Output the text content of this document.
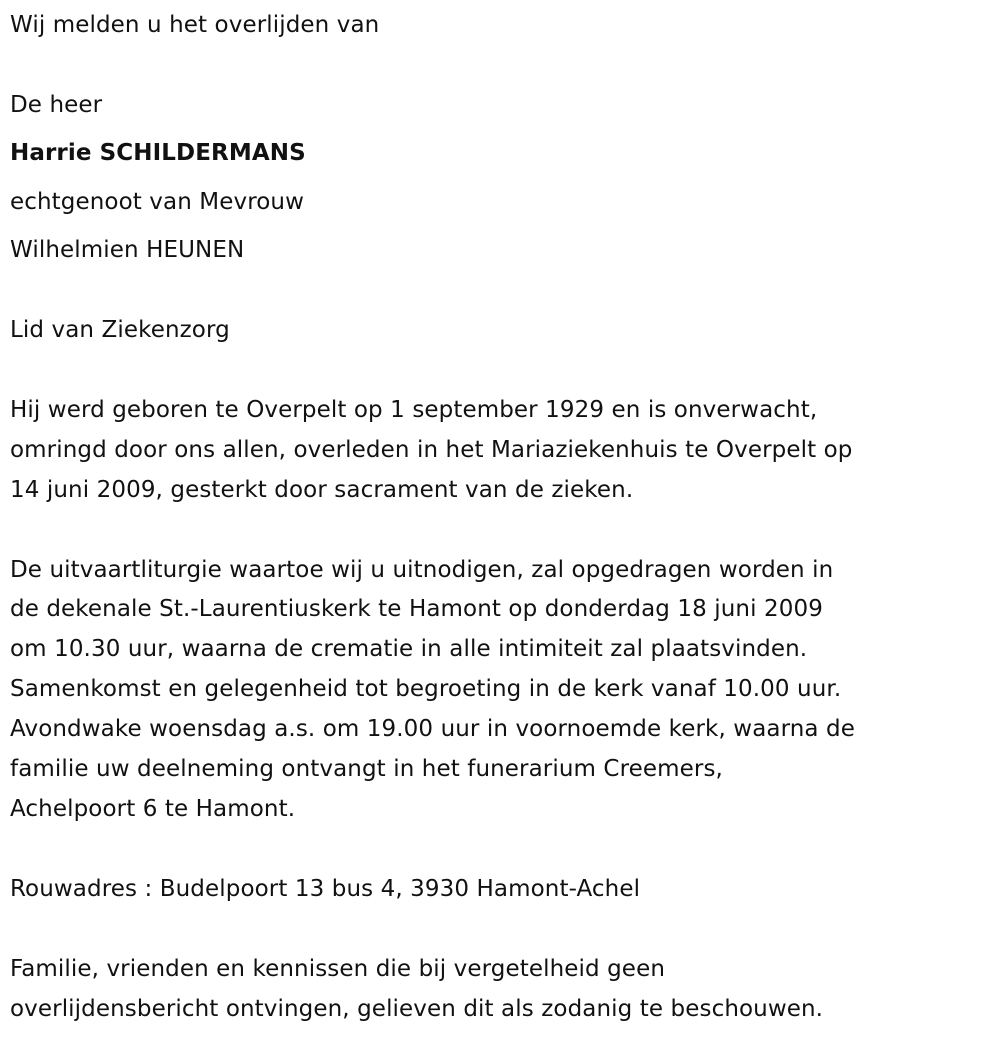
Wij melden u het overlijden van
De heer
Harrie SCHILDERMANS
echtgenoot van Mevrouw
Wilhelmien HEUNEN
Lid van Ziekenzorg
Hij werd geboren te Overpelt op 1 september 1929 en is onverwacht,
omringd door ons allen, overleden in het Mariaziekenhuis te Overpelt op
14 juni 2009, gesterkt door sacrament van de zieken.
De uitvaartliturgie waartoe wij u uitnodigen, zal opgedragen worden in
de dekenale St.-Laurentiuskerk te Hamont op donderdag 18 juni 2009
om 10.30 uur, waarna de crematie in alle intimiteit zal plaatsvinden.
Samenkomst en gelegenheid tot begroeting in de kerk vanaf 10.00 uur.
Avondwake woensdag a.s. om 19.00 uur in voornoemde kerk, waarna de
familie uw deelneming ontvangt in het funerarium Creemers,
Achelpoort 6 te Hamont.
Rouwadres : Budelpoort 13 bus 4, 3930 Hamont-Achel
Familie, vrienden en kennissen die bij vergetelheid geen
overlijdensbericht ontvingen, gelieven dit als zodanig te beschouwen.
